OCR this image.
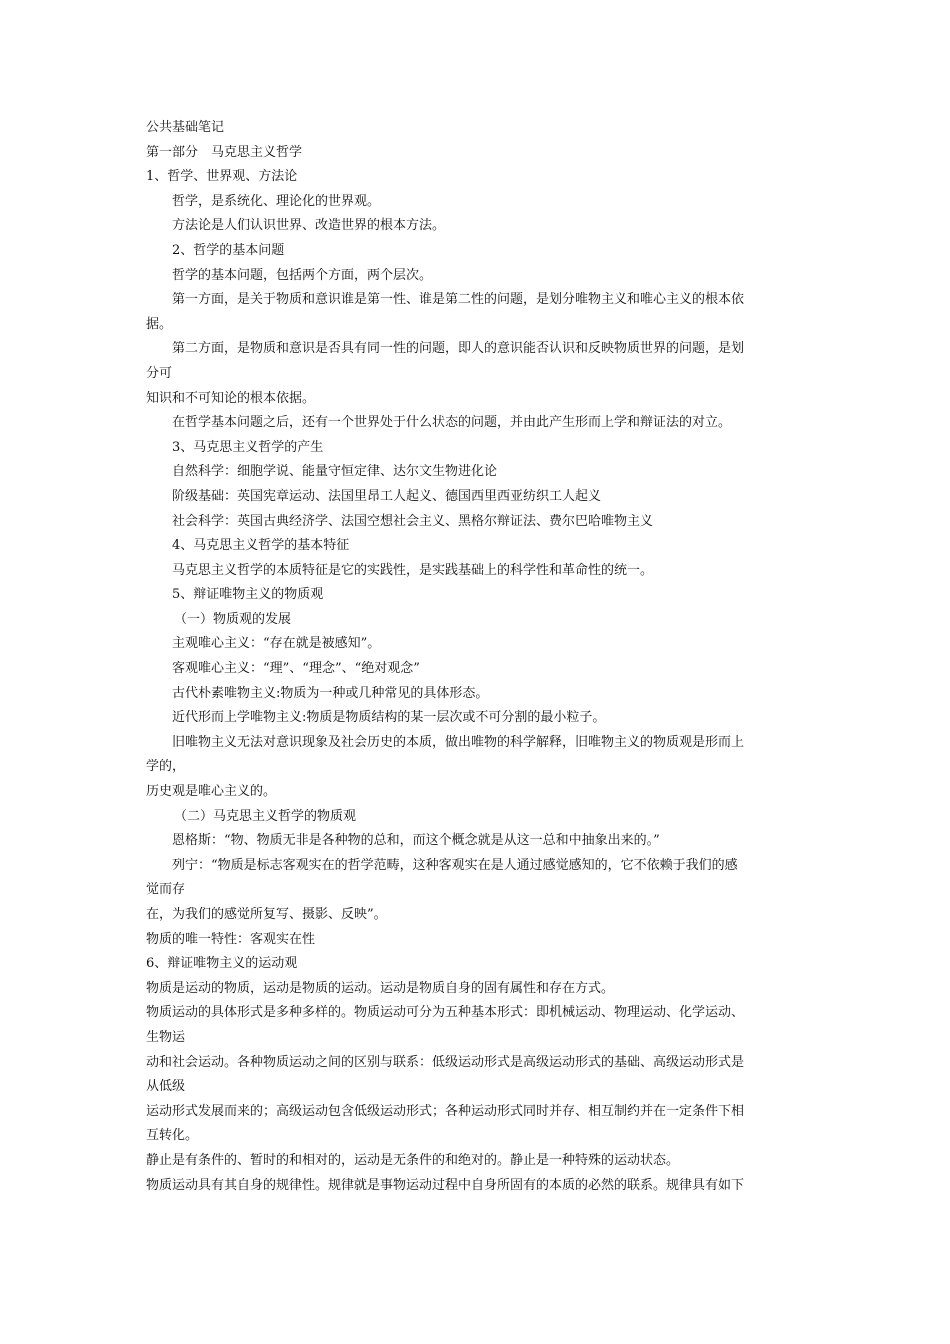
公共基础笔记
第一部分　马克思主义哲学
1、哲学、世界观、方法论
哲学，是系统化、理论化的世界观。
方法论是人们认识世界、改造世界的根本方法。
2、哲学的基本问题
哲学的基本问题，包括两个方面，两个层次。
第一方面，是关于物质和意识谁是第一性、谁是第二性的问题，是划分唯物主义和唯心主义的根本依
据。
第二方面，是物质和意识是否具有同一性的问题，即人的意识能否认识和反映物质世界的问题，是划
分可
知识和不可知论的根本依据。
在哲学基本问题之后，还有一个世界处于什么状态的问题，并由此产生形而上学和辩证法的对立。
3、马克思主义哲学的产生
自然科学：细胞学说、能量守恒定律、达尔文生物进化论
阶级基础：英国宪章运动、法国里昂工人起义、德国西里西亚纺织工人起义
社会科学：英国古典经济学、法国空想社会主义、黑格尔辩证法、费尔巴哈唯物主义
4、马克思主义哲学的基本特征
马克思主义哲学的本质特征是它的实践性，是实践基础上的科学性和革命性的统一。
5、辩证唯物主义的物质观
（一）物质观的发展
主观唯心主义：“存在就是被感知”。
客观唯心主义：“理”、“理念”、“绝对观念”
古代朴素唯物主义:物质为一种或几种常见的具体形态。
近代形而上学唯物主义:物质是物质结构的某一层次或不可分割的最小粒子。
旧唯物主义无法对意识现象及社会历史的本质，做出唯物的科学解释，旧唯物主义的物质观是形而上
学的，
历史观是唯心主义的。
（二）马克思主义哲学的物质观
恩格斯：“物、物质无非是各种物的总和，而这个概念就是从这一总和中抽象出来的。”
列宁：“物质是标志客观实在的哲学范畴，这种客观实在是人通过感觉感知的，它不依赖于我们的感
觉而存
在，为我们的感觉所复写、摄影、反映”。
物质的唯一特性：客观实在性
6、辩证唯物主义的运动观
物质是运动的物质，运动是物质的运动。运动是物质自身的固有属性和存在方式。
物质运动的具体形式是多种多样的。物质运动可分为五种基本形式：即机械运动、物理运动、化学运动、
生物运
动和社会运动。各种物质运动之间的区别与联系：低级运动形式是高级运动形式的基础、高级运动形式是
从低级
运动形式发展而来的；高级运动包含低级运动形式；各种运动形式同时并存、相互制约并在一定条件下相
互转化。
静止是有条件的、暂时的和相对的，运动是无条件的和绝对的。静止是一种特殊的运动状态。
物质运动具有其自身的规律性。规律就是事物运动过程中自身所固有的本质的必然的联系。规律具有如下
